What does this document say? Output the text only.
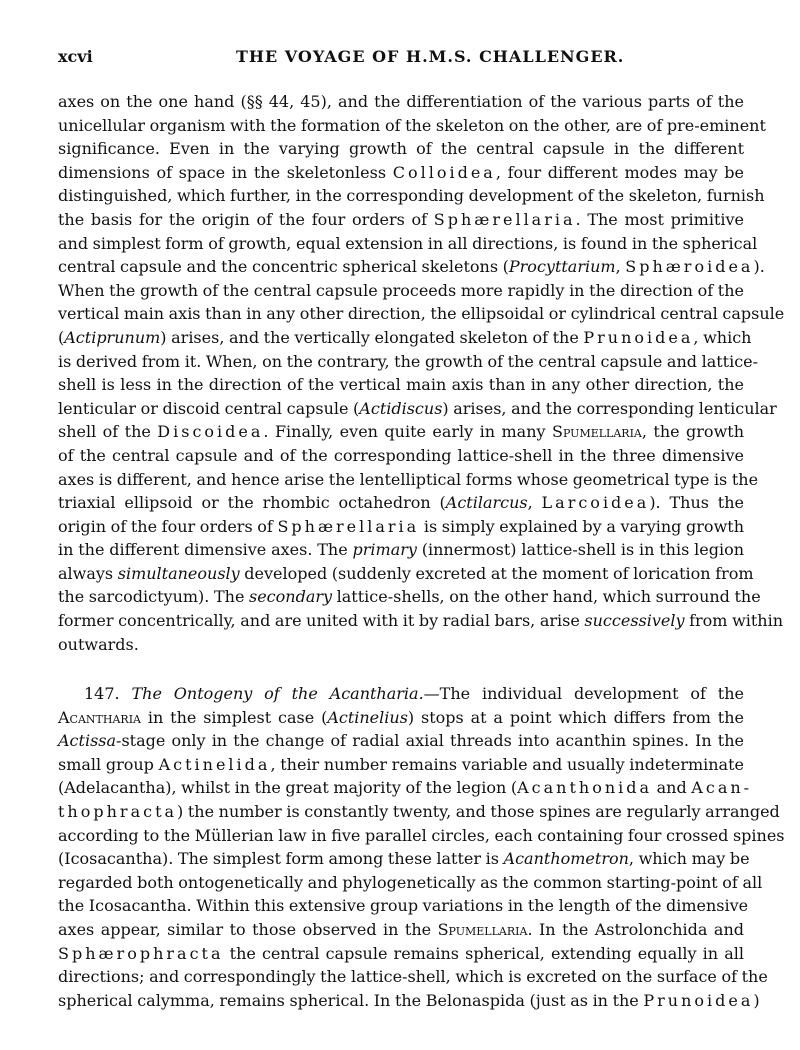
xcvi	THE VOYAGE OF H.M.S. CHALLENGER.
axes on the one hand (§§ 44, 45), and the differentiation of the various parts of the
unicellular organism with the formation of the skeleton on the other, are of pre-eminent
significance. Even in the varying growth of the central capsule in the different
dimensions of space in the skeletonless Colloidea, four different modes may be
distinguished, which further, in the corresponding development of the skeleton, furnish
the basis for the origin of the four orders of Sphærellaria. The most primitive
and simplest form of growth, equal extension in all directions, is found in the spherical
central capsule and the concentric spherical skeletons (Procyttarium, Sphæroidea).
When the growth of the central capsule proceeds more rapidly in the direction of the
vertical main axis than in any other direction, the ellipsoidal or cylindrical central capsule
(Actiprunum) arises, and the vertically elongated skeleton of the Prunoidea, which
is derived from it. When, on the contrary, the growth of the central capsule and lattice-
shell is less in the direction of the vertical main axis than in any other direction, the
lenticular or discoid central capsule (Actidiscus) arises, and the corresponding lenticular
shell of the Discoidea. Finally, even quite early in many Spumellaria, the growth
of the central capsule and of the corresponding lattice-shell in the three dimensive
axes is different, and hence arise the lentelliptical forms whose geometrical type is the
triaxial ellipsoid or the rhombic octahedron (Actilarcus, Larcoidea). Thus the
origin of the four orders of Sphærellaria is simply explained by a varying growth
in the different dimensive axes. The primary (innermost) lattice-shell is in this legion
always simultaneously developed (suddenly excreted at the moment of lorication from
the sarcodictyum). The secondary lattice-shells, on the other hand, which surround the
former concentrically, and are united with it by radial bars, arise successively from within
outwards.
147. The Ontogeny of the Acantharia.—The individual development of the
Acantharia in the simplest case (Actinelius) stops at a point which differs from the
Actissa-stage only in the change of radial axial threads into acanthin spines. In the
small group Actinelida, their number remains variable and usually indeterminate
(Adelacantha), whilst in the great majority of the legion (Acanthonida and Acan-
thophracta) the number is constantly twenty, and those spines are regularly arranged
according to the Müllerian law in five parallel circles, each containing four crossed spines
(Icosacantha). The simplest form among these latter is Acanthometron, which may be
regarded both ontogenetically and phylogenetically as the common starting-point of all
the Icosacantha. Within this extensive group variations in the length of the dimensive
axes appear, similar to those observed in the Spumellaria. In the Astrolonchida and
Sphærophracta the central capsule remains spherical, extending equally in all
directions; and correspondingly the lattice-shell, which is excreted on the surface of the
spherical calymma, remains spherical. In the Belonaspida (just as in the Prunoidea)
